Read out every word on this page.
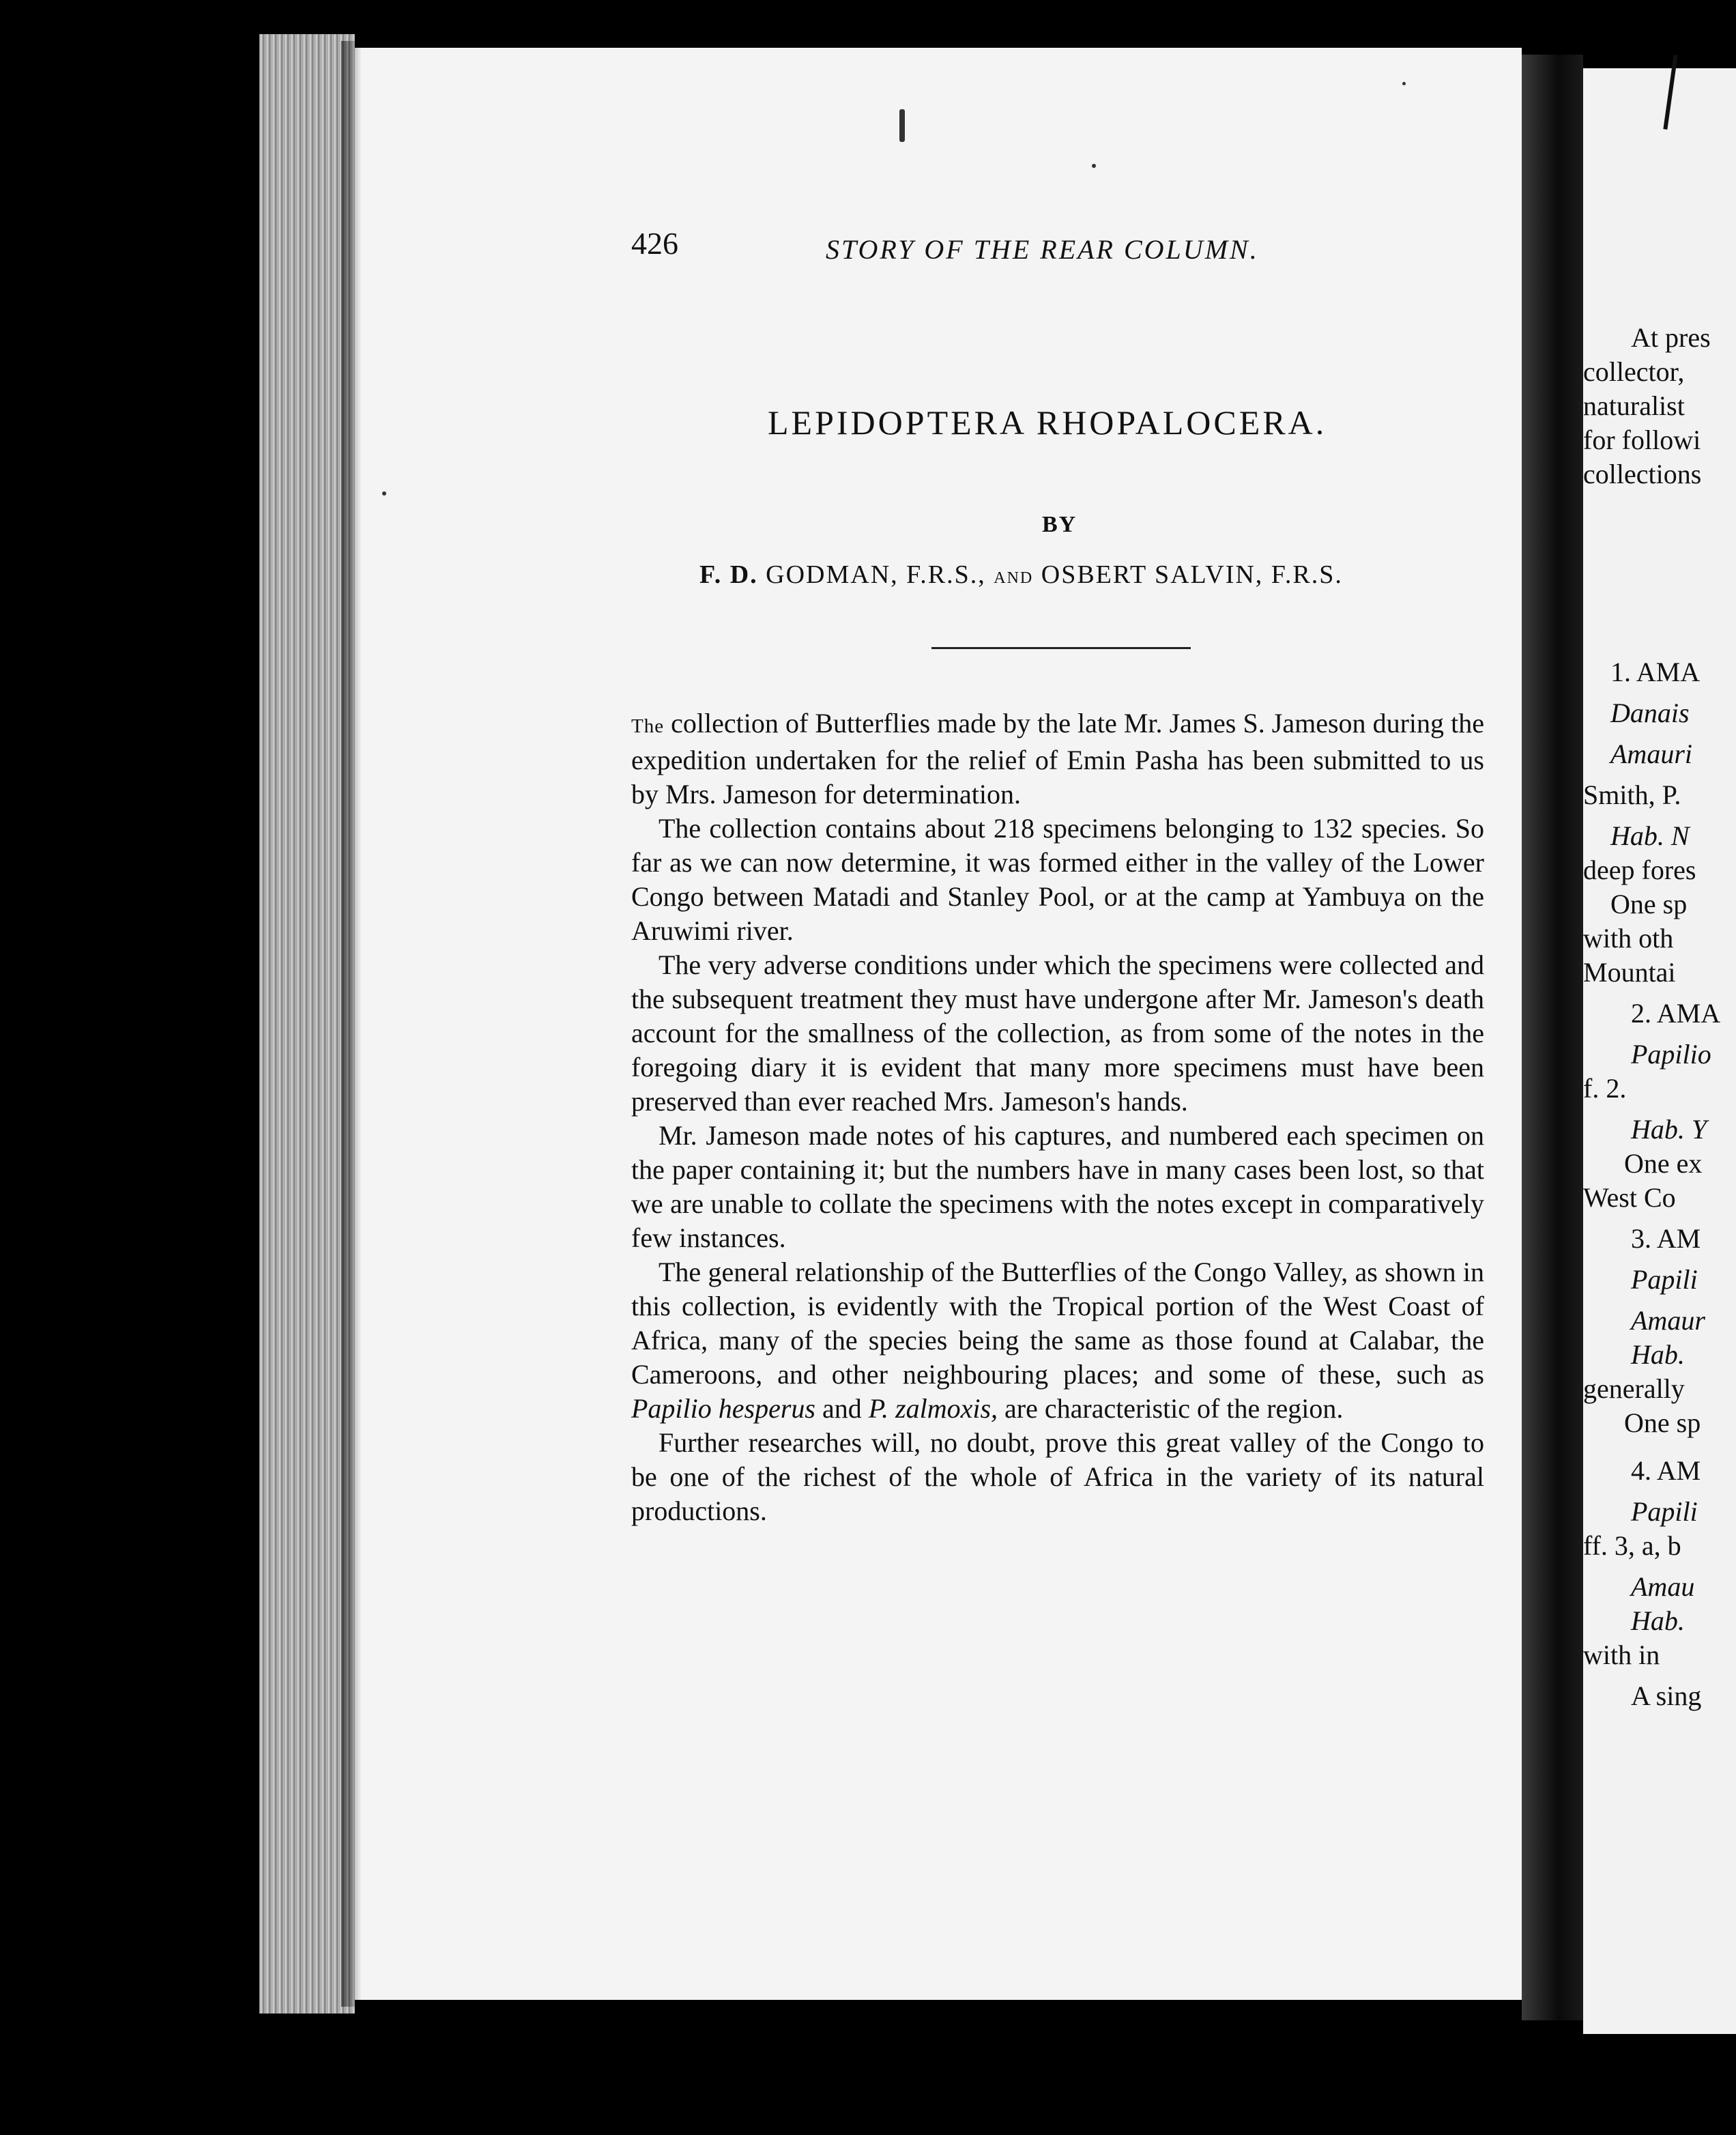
At pres
collector,
naturalist
for followi
collections
1. AMA
Danais
Amauri
Smith, P.
Hab. N
deep fores
One sp
with oth
Mountai
2. AMA
Papilio
f. 2.
Hab. Y
One ex
West Co
3. AM
Papili
Amaur
Hab.
generally
One sp
4. AM
Papili
ff. 3, a, b
Amau
Hab.
with in
A sing
426	STORY OF THE REAR COLUMN.
LEPIDOPTERA RHOPALOCERA.
BY
F. D. GODMAN, F.R.S., AND OSBERT SALVIN, F.R.S.

The collection of Butterflies made by the late Mr. James S. Jameson during the expedition undertaken for the relief of Emin Pasha has been submitted to us by Mrs. Jameson for determination.

The collection contains about 218 specimens belonging to 132 species. So far as we can now determine, it was formed either in the valley of the Lower Congo between Matadi and Stanley Pool, or at the camp at Yambuya on the Aruwimi river.

The very adverse conditions under which the specimens were collected and the subsequent treatment they must have undergone after Mr. Jameson's death account for the smallness of the collection, as from some of the notes in the foregoing diary it is evident that many more specimens must have been preserved than ever reached Mrs. Jameson's hands.

Mr. Jameson made notes of his captures, and numbered each specimen on the paper containing it; but the numbers have in many cases been lost, so that we are unable to collate the specimens with the notes except in comparatively few instances.

The general relationship of the Butterflies of the Congo Valley, as shown in this collection, is evidently with the Tropical portion of the West Coast of Africa, many of the species being the same as those found at Calabar, the Cameroons, and other neighbouring places; and some of these, such as Papilio hesperus and P. zalmoxis, are characteristic of the region.

Further researches will, no doubt, prove this great valley of the Congo to be one of the richest of the whole of Africa in the variety of its natural productions.
